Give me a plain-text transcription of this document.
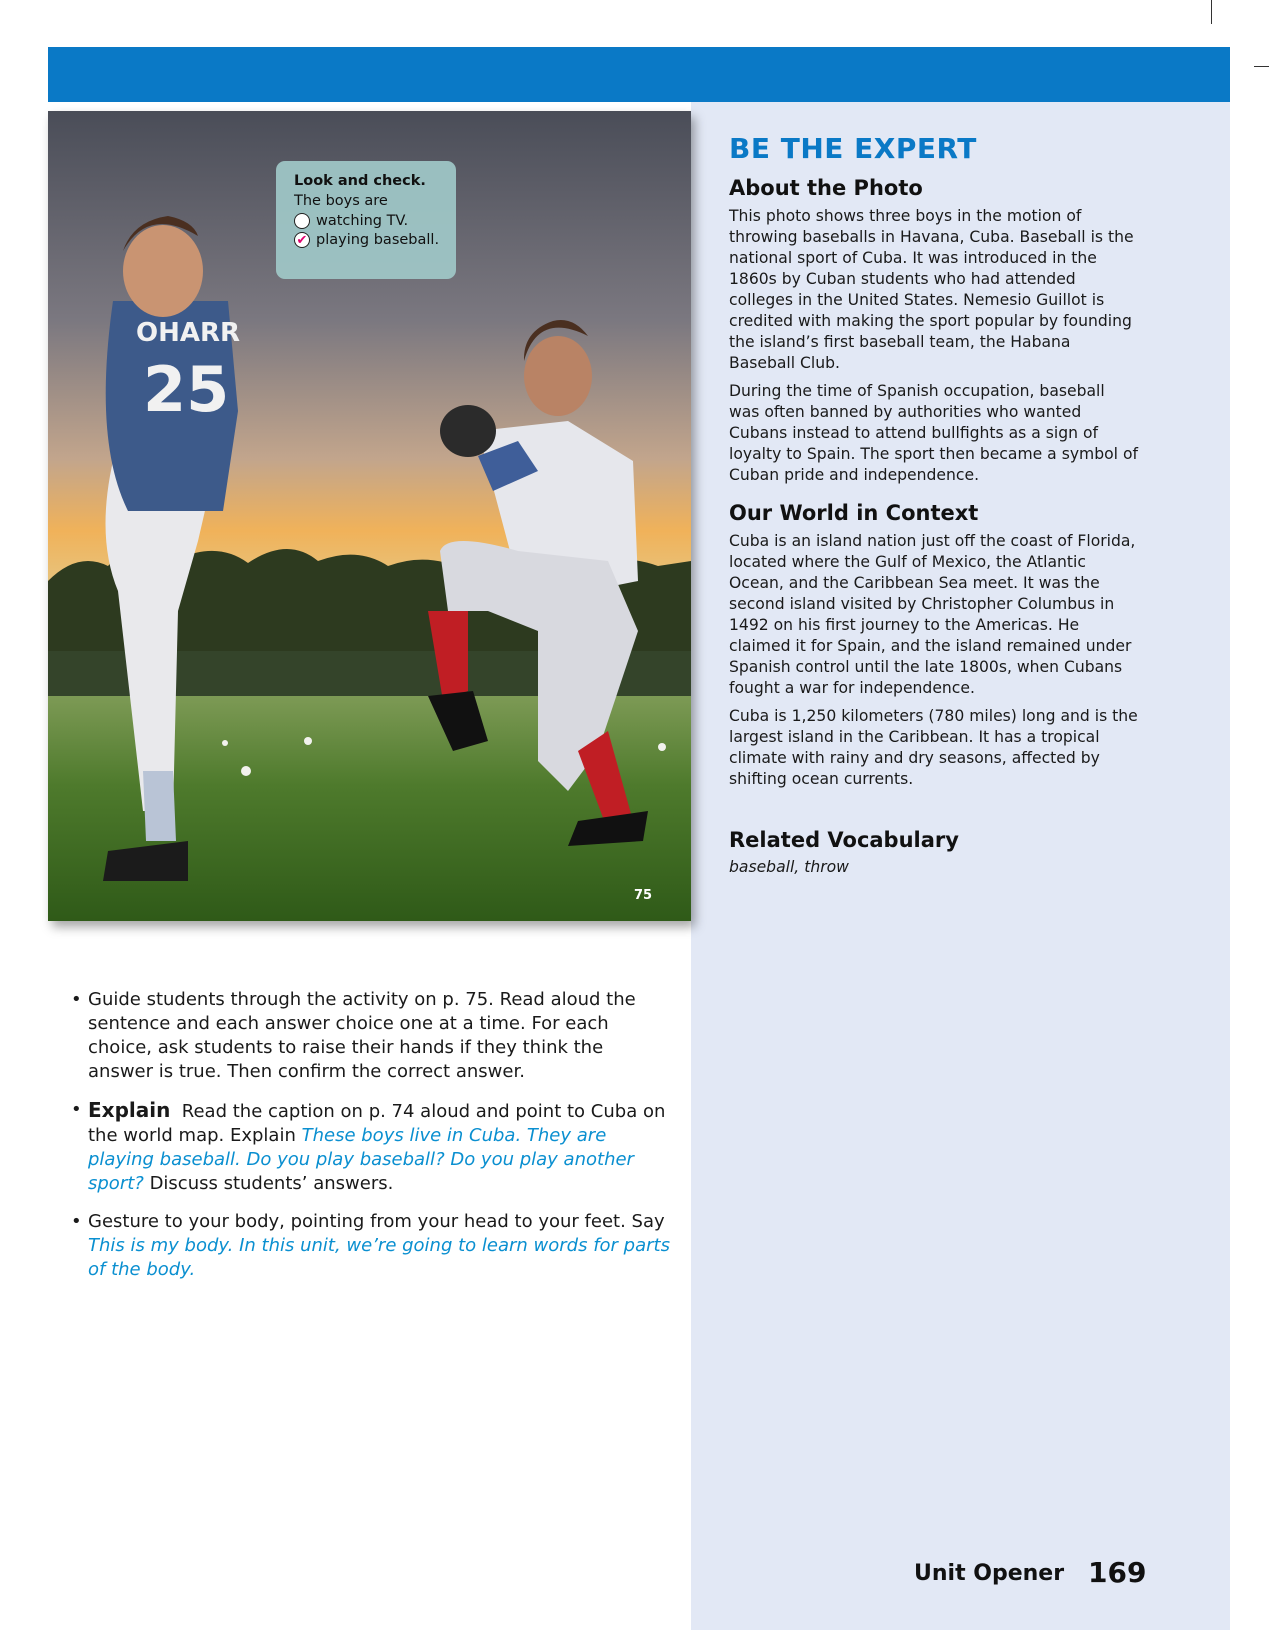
OHARR
25
Look and check.
The boys are
watching TV.
✔ playing baseball.
75
BE THE EXPERT
About the Photo

This photo shows three boys in the motion of throwing baseballs in Havana, Cuba. Baseball is the national sport of Cuba. It was introduced in the 1860s by Cuban students who had attended colleges in the United States. Nemesio Guillot is credited with making the sport popular by founding the island’s first baseball team, the Habana Baseball Club.

During the time of Spanish occupation, baseball was often banned by authorities who wanted Cubans instead to attend bullfights as a sign of loyalty to Spain. The sport then became a symbol of Cuban pride and independence.

Our World in Context

Cuba is an island nation just off the coast of Florida, located where the Gulf of Mexico, the Atlantic Ocean, and the Caribbean Sea meet. It was the second island visited by Christopher Columbus in 1492 on his first journey to the Americas. He claimed it for Spain, and the island remained under Spanish control until the late 1800s, when Cubans fought a war for independence.

Cuba is 1,250 kilometers (780 miles) long and is the largest island in the Caribbean. It has a tropical climate with rainy and dry seasons, affected by shifting ocean currents.

Related Vocabulary
baseball, throw
• Guide students through the activity on p. 75. Read aloud the sentence and each answer choice one at a time. For each choice, ask students to raise their hands if they think the answer is true. Then confirm the correct answer.
• Explain Read the caption on p. 74 aloud and point to Cuba on the world map. Explain These boys live in Cuba. They are playing baseball. Do you play baseball? Do you play another sport? Discuss students’ answers.
• Gesture to your body, pointing from your head to your feet. Say This is my body. In this unit, we’re going to learn words for parts of the body.
Unit Opener 169
